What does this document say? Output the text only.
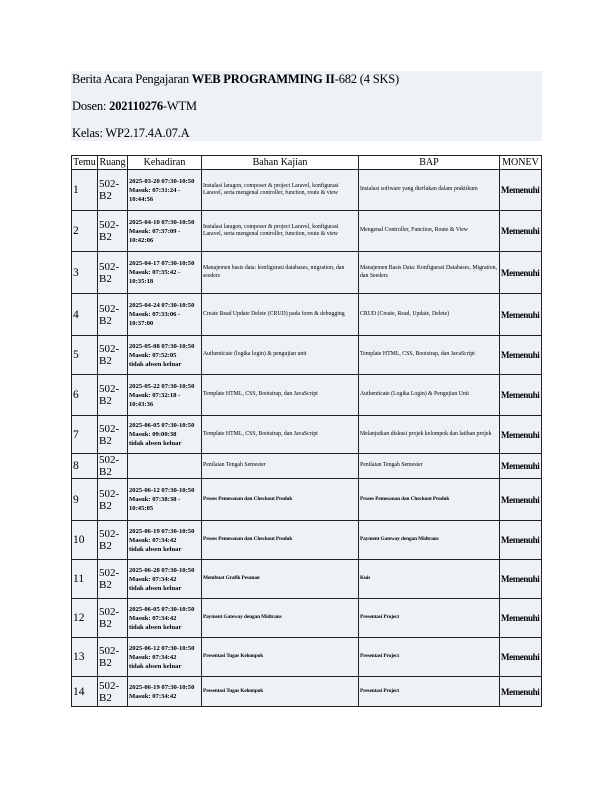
Berita Acara Pengajaran WEB PROGRAMMING II-682 (4 SKS)
Dosen: 202110276-WTM
Kelas: WP2.17.4A.07.A
Temu	Ruang	Kehadiran	Bahan Kajian	BAP	MONEV
1	502-B2	2025-03-20 07:30-10:50
Masuk: 07:31:24 -
10:44:56	Instalasi laragon, composer & project Laravel, konfigurasi Laravel, serta mengenal controller, function, route & view	Instalasi software yang dierlukan dalam praktikum	Memenuhi
2	502-B2	2025-04-10 07:30-10:50
Masuk: 07:37:09 -
10:42:06	Instalasi laragon, composer & project Laravel, konfigurasi Laravel, serta mengenal controller, function, route & view	Mengenal Controller, Function, Route & View	Memenuhi
3	502-B2	2025-04-17 07:30-10:50
Masuk: 07:35:42 -
10:35:18	Manajemen basis data: konfigurasi databases, migration, dan seeders	Manajemen Basis Data: Konfigurasi Databases, Migration, dan Seeders	Memenuhi
4	502-B2	2025-04-24 07:30-10:50
Masuk: 07:33:06 -
10:37:00	Create Read Update Delete (CRUD) pada form & debugging	CRUD (Create, Read, Update, Delete)	Memenuhi
5	502-B2	2025-05-08 07:30-10:50
Masuk: 07:52:05
tidak absen keluar	Authenticate (logika login) & pengujian unit	Template HTML, CSS, Bootstrap, dan JavaScript	Memenuhi
6	502-B2	2025-05-22 07:30-10:50
Masuk: 07:32:18 -
10:43:36	Template HTML, CSS, Bootstrap, dan JavaScript	Authenticate (Logika Login) & Pengujian Unit	Memenuhi
7	502-B2	2025-06-05 07:30-10:50
Masuk: 09:00:38
tidak absen keluar	Template HTML, CSS, Bootstrap, dan JavaScript	Melanjutkan diskusi projek kelompok dan latihan projek	Memenuhi
8	502-B2		Penilaian Tengah Semester	Penilaian Tengah Semester	Memenuhi
9	502-B2	2025-06-12 07:30-10:50
Masuk: 07:38:38 -
10:45:05	Proses Pemesanan dan Checkout Produk	Proses Pemesanan dan Checkout Produk	Memenuhi
10	502-B2	2025-06-19 07:30-10:50
Masuk: 07:34:42
tidak absen keluar	Proses Pemesanan dan Checkout Produk	Payment Gateway dengan Midtrans	Memenuhi
11	502-B2	2025-06-28 07:30-10:50
Masuk: 07:34:42
tidak absen keluar	Membuat Grafik Pesanan	Kuis	Memenuhi
12	502-B2	2025-06-05 07:30-10:50
Masuk: 07:34:42
tidak absen keluar	Payment Gateway dengan Midtrans	Presentasi Project	Memenuhi
13	502-B2	2025-06-12 07:30-10:50
Masuk: 07:34:42
tidak absen keluar	Presentasi Tugas Kelompok	Presentasi Project	Memenuhi
14	502-B2	2025-06-19 07:30-10:50
Masuk: 07:34:42	Presentasi Tugas Kelompok	Presentasi Project	Memenuhi
